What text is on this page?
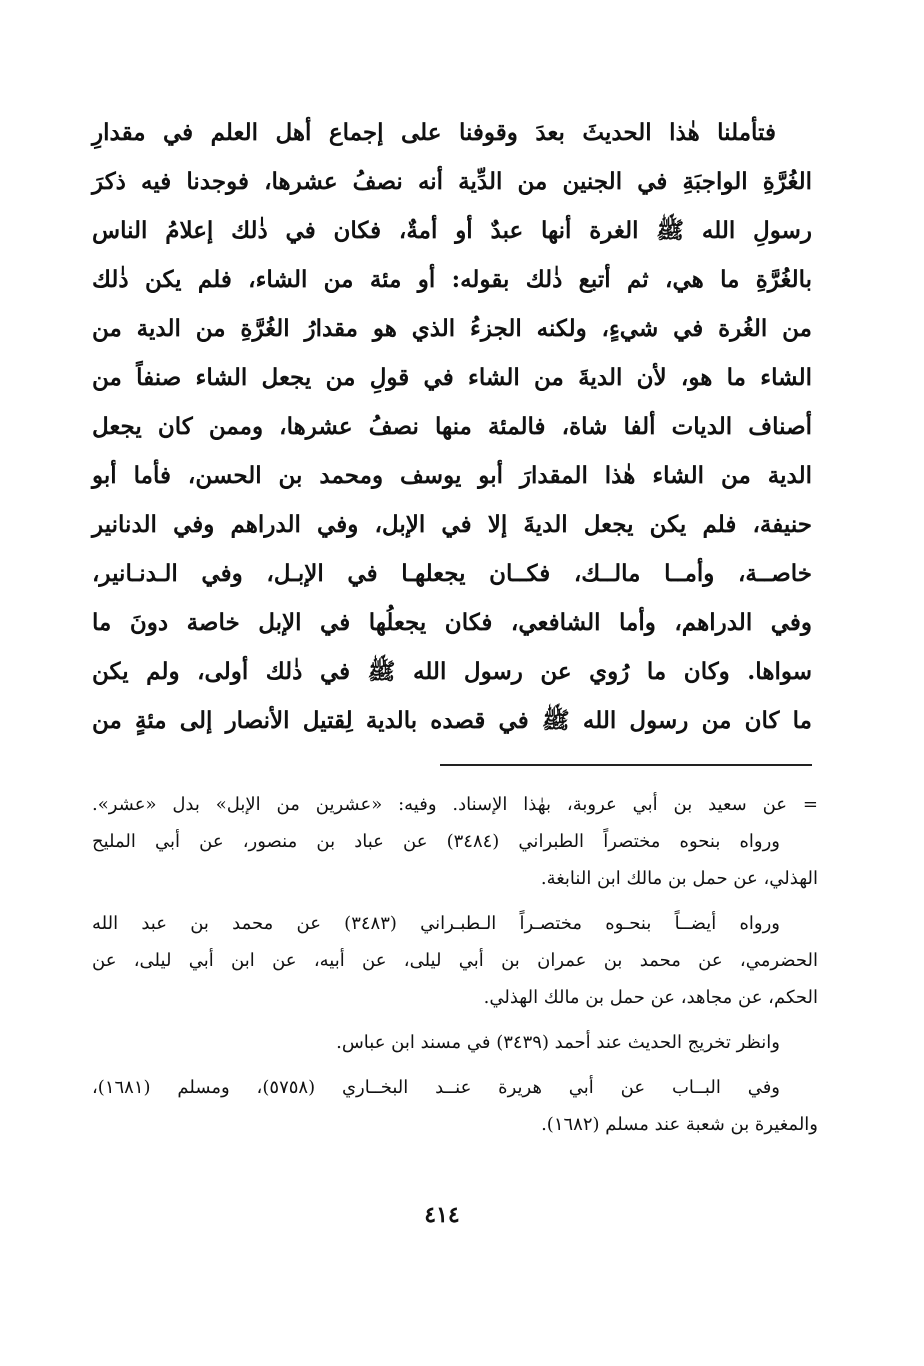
فتأملنا هٰذا الحديثَ بعدَ وقوفنا على إجماع أهل العلم في مقدارِ
الغُرَّةِ الواجبَةِ في الجنين من الدِّية أنه نصفُ عشرها، فوجدنا فيه ذكرَ
رسولِ الله ﷺ الغرة أنها عبدٌ أو أمةٌ، فكان في ذٰلك إعلامُ الناس
بالغُرَّةِ ما هي، ثم أتبع ذٰلك بقوله: أو مئة من الشاء، فلم يكن ذٰلك
من الغُرة في شيءٍ، ولكنه الجزءُ الذي هو مقدارُ الغُرَّةِ من الدية من
الشاء ما هو، لأن الديةَ من الشاء في قولِ من يجعل الشاء صنفاً من
أصناف الديات ألفا شاة، فالمئة منها نصفُ عشرها، وممن كان يجعل
الدية من الشاء هٰذا المقدارَ أبو يوسف ومحمد بن الحسن، فأما أبو
حنيفة، فلم يكن يجعل الديةَ إلا في الإبل، وفي الدراهم وفي الدنانير
خاصــة، وأمــا مالــك، فكــان يجعلهـا في الإبـل، وفي الـدنـانير،
وفي الدراهم، وأما الشافعي، فكان يجعلُها في الإبل خاصة دونَ ما
سواها. وكان ما رُوي عن رسول الله ﷺ في ذٰلك أولى، ولم يكن
ما كان من رسول الله ﷺ في قصده بالدية لِقتيل الأنصار إلى مئةٍ من
= عن سعيد بن أبي عروبة، بهٰذا الإسناد. وفيه: «عشرين من الإبل» بدل «عشر».
ورواه بنحوه مختصراً الطبراني (٣٤٨٤) عن عباد بن منصور، عن أبي المليح
الهذلي، عن حمل بن مالك ابن النابغة.
ورواه أيضــاً بنحـوه مختصـراً الـطبـراني (٣٤٨٣) عن محمد بن عبد الله
الحضرمي، عن محمد بن عمران بن أبي ليلى، عن أبيه، عن ابن أبي ليلى، عن
الحكم، عن مجاهد، عن حمل بن مالك الهذلي.
وانظر تخريج الحديث عند أحمد (٣٤٣٩) في مسند ابن عباس.
وفي البــاب عن أبي هريرة عنــد البخــاري (٥٧٥٨)، ومسلم (١٦٨١)،
والمغيرة بن شعبة عند مسلم (١٦٨٢).
٤١٤
